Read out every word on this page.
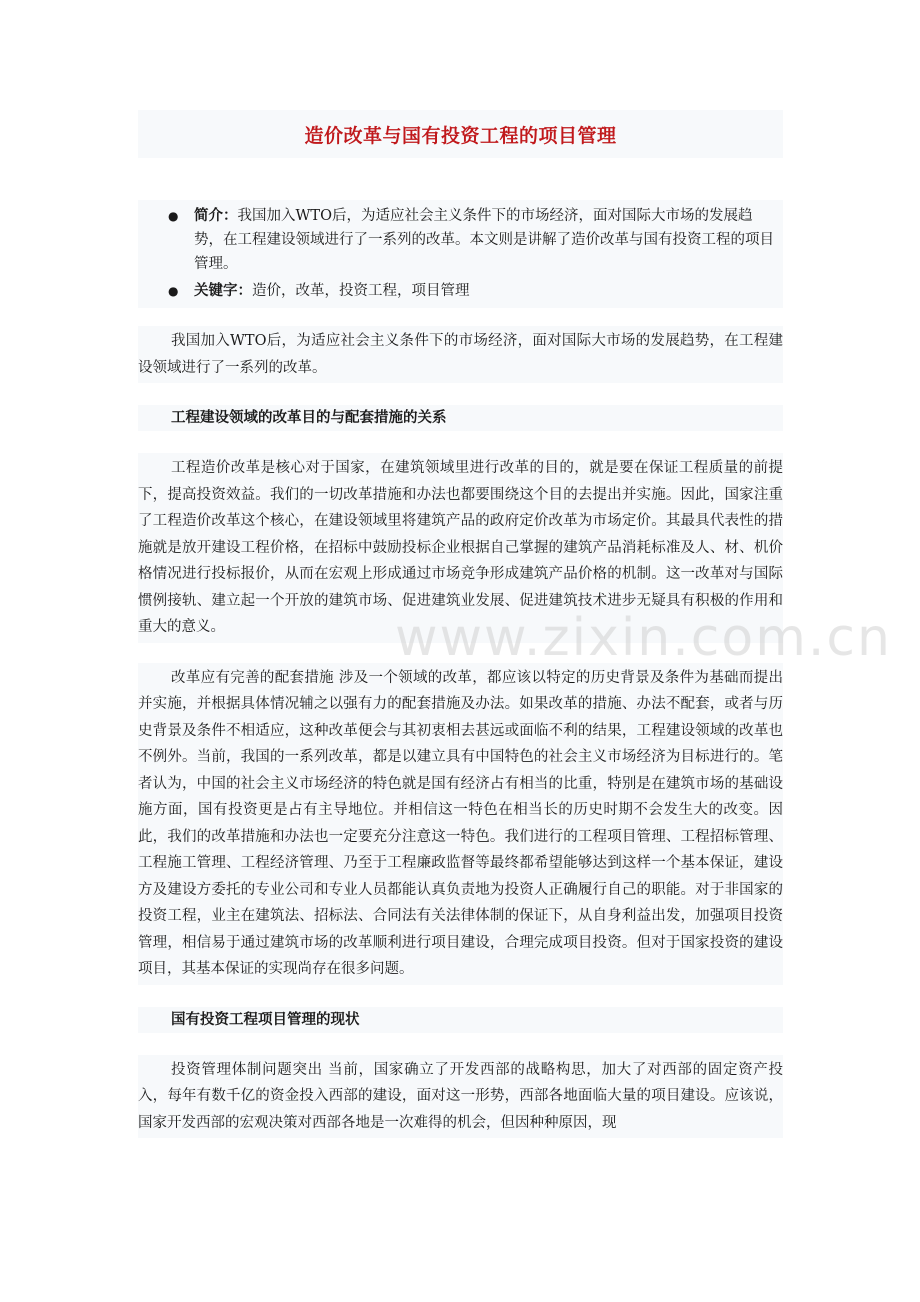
造价改革与国有投资工程的项目管理
● 简介：我国加入WTO后，为适应社会主义条件下的市场经济，面对国际大市场的发展趋势，在工程建设领域进行了一系列的改革。本文则是讲解了造价改革与国有投资工程的项目管理。
● 关键字：造价，改革，投资工程，项目管理

我国加入WTO后，为适应社会主义条件下的市场经济，面对国际大市场的发展趋势，在工程建设领域进行了一系列的改革。

工程建设领域的改革目的与配套措施的关系

工程造价改革是核心对于国家，在建筑领域里进行改革的目的，就是要在保证工程质量的前提下，提高投资效益。我们的一切改革措施和办法也都要围绕这个目的去提出并实施。因此，国家注重了工程造价改革这个核心，在建设领域里将建筑产品的政府定价改革为市场定价。其最具代表性的措施就是放开建设工程价格，在招标中鼓励投标企业根据自己掌握的建筑产品消耗标准及人、材、机价格情况进行投标报价，从而在宏观上形成通过市场竞争形成建筑产品价格的机制。这一改革对与国际惯例接轨、建立起一个开放的建筑市场、促进建筑业发展、促进建筑技术进步无疑具有积极的作用和重大的意义。

改革应有完善的配套措施 涉及一个领域的改革，都应该以特定的历史背景及条件为基础而提出并实施，并根据具体情况辅之以强有力的配套措施及办法。如果改革的措施、办法不配套，或者与历史背景及条件不相适应，这种改革便会与其初衷相去甚远或面临不利的结果，工程建设领域的改革也不例外。当前，我国的一系列改革，都是以建立具有中国特色的社会主义市场经济为目标进行的。笔者认为，中国的社会主义市场经济的特色就是国有经济占有相当的比重，特别是在建筑市场的基础设施方面，国有投资更是占有主导地位。并相信这一特色在相当长的历史时期不会发生大的改变。因此，我们的改革措施和办法也一定要充分注意这一特色。我们进行的工程项目管理、工程招标管理、工程施工管理、工程经济管理、乃至于工程廉政监督等最终都希望能够达到这样一个基本保证，建设方及建设方委托的专业公司和专业人员都能认真负责地为投资人正确履行自己的职能。对于非国家的投资工程，业主在建筑法、招标法、合同法有关法律体制的保证下，从自身利益出发，加强项目投资管理，相信易于通过建筑市场的改革顺利进行项目建设，合理完成项目投资。但对于国家投资的建设项目，其基本保证的实现尚存在很多问题。

国有投资工程项目管理的现状

投资管理体制问题突出 当前，国家确立了开发西部的战略构思，加大了对西部的固定资产投入，每年有数千亿的资金投入西部的建设，面对这一形势，西部各地面临大量的项目建设。应该说，国家开发西部的宏观决策对西部各地是一次难得的机会，但因种种原因，现

www.zixin.com.cn
